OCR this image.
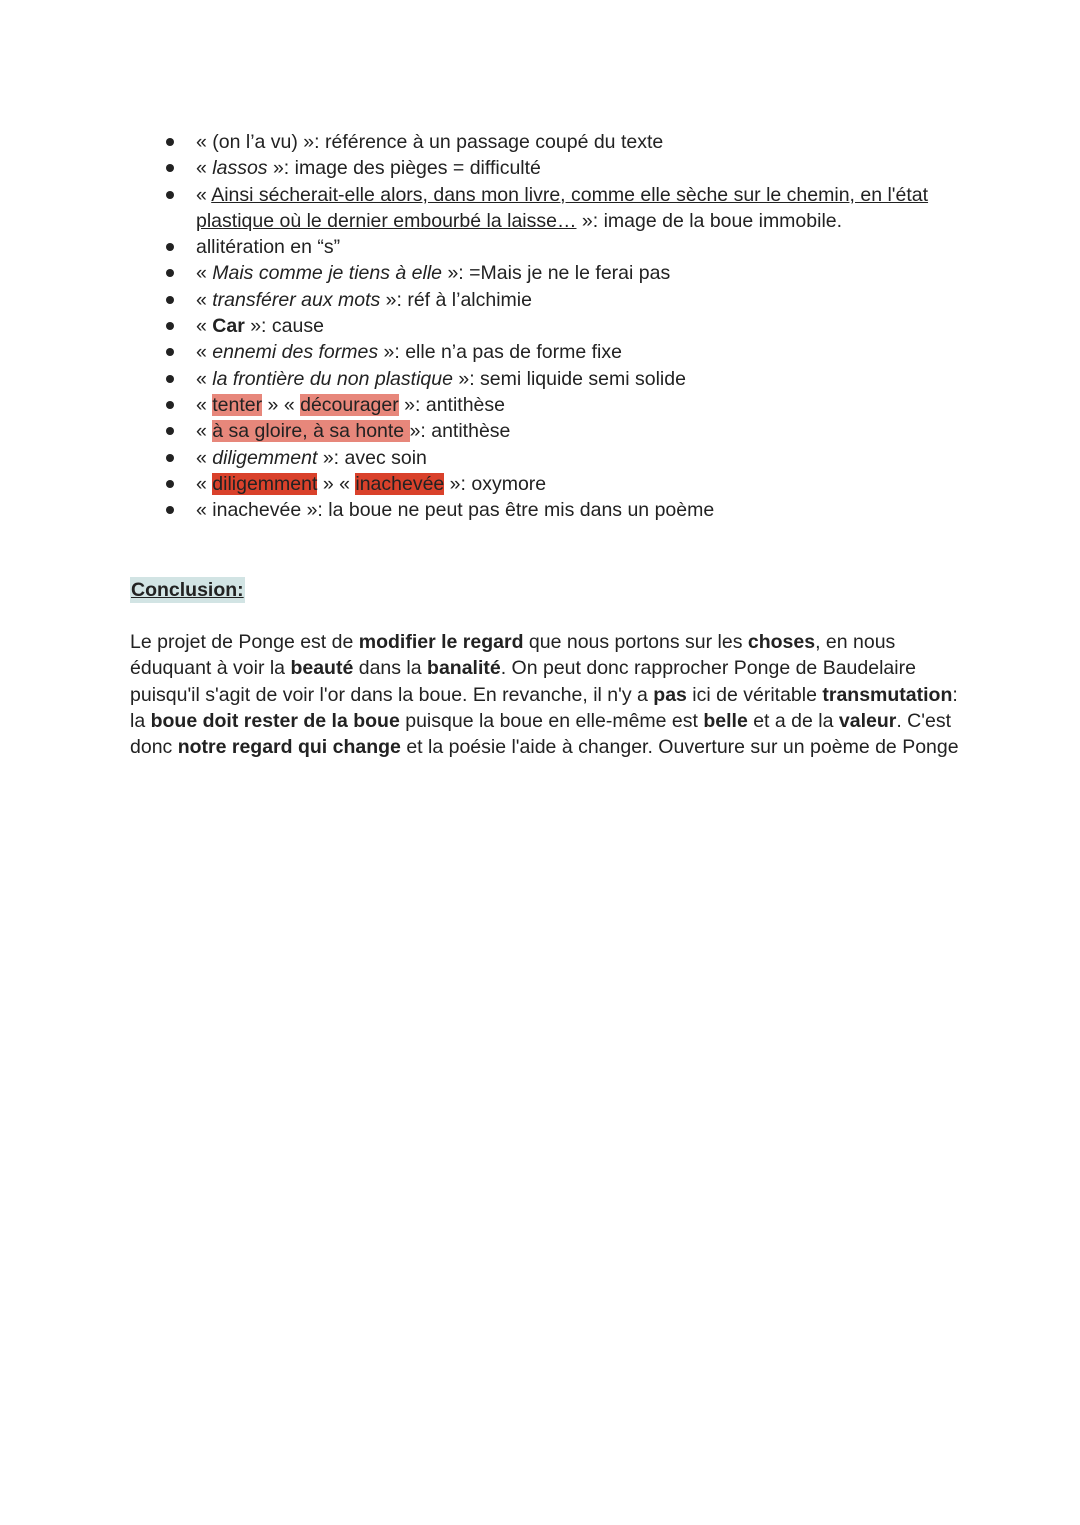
« (on l’a vu) »: référence à un passage coupé du texte
« lassos »: image des pièges = difficulté
« Ainsi sécherait-elle alors, dans mon livre, comme elle sèche sur le chemin, en l'état plastique où le dernier embourbé la laisse… »: image de la boue immobile.
allitération en “s”
« Mais comme je tiens à elle »: =Mais je ne le ferai pas
« transférer aux mots »: réf à l’alchimie
« Car »: cause
« ennemi des formes »: elle n’a pas de forme fixe
« la frontière du non plastique »: semi liquide semi solide
« tenter » « décourager »: antithèse
« à sa gloire, à sa honte »: antithèse
« diligemment »: avec soin
« diligemment » « inachevée »: oxymore
« inachevée »: la boue ne peut pas être mis dans un poème
Conclusion:

Le projet de Ponge est de modifier le regard que nous portons sur les choses, en nous éduquant à voir la beauté dans la banalité. On peut donc rapprocher Ponge de Baudelaire puisqu'il s'agit de voir l'or dans la boue. En revanche, il n'y a pas ici de véritable transmutation: la boue doit rester de la boue puisque la boue en elle-même est belle et a de la valeur. C'est donc notre regard qui change et la poésie l'aide à changer. Ouverture sur un poème de Ponge
